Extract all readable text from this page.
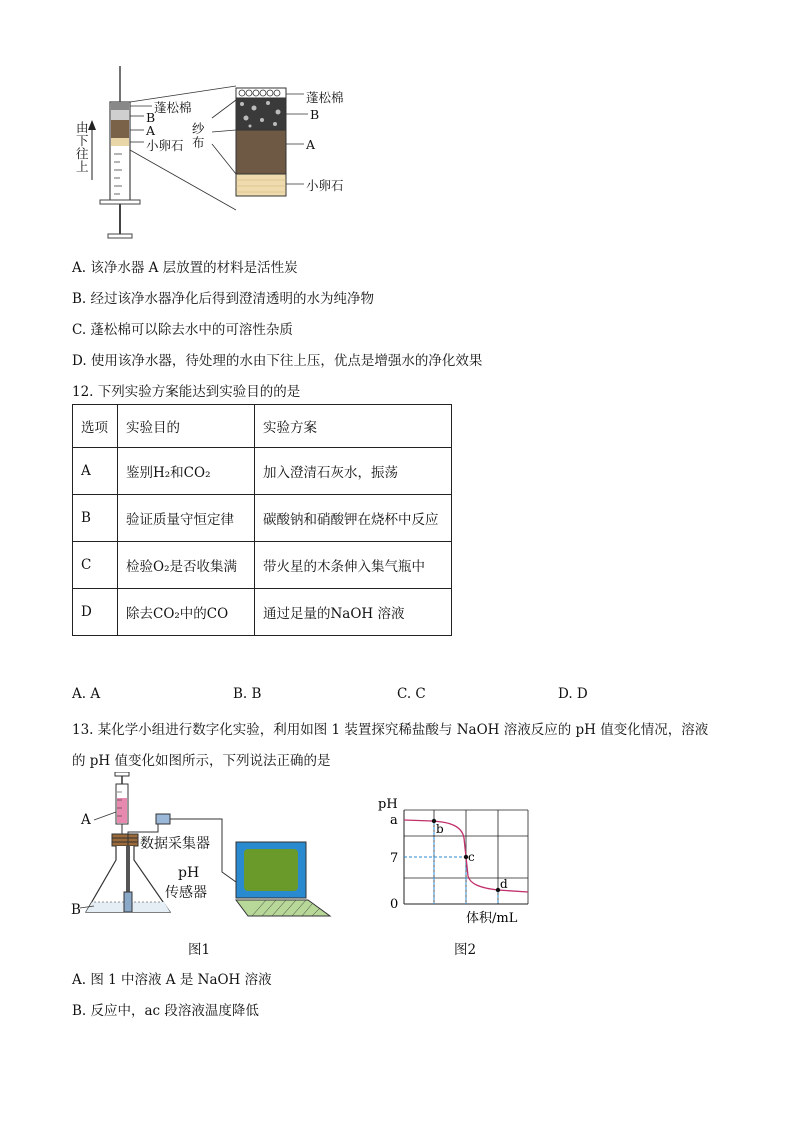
由下往上
蓬松棉
B
A
小卵石
纱布
蓬松棉
B
A
小卵石
A. 该净水器 A 层放置的材料是活性炭
B. 经过该净水器净化后得到澄清透明的水为纯净物
C. 蓬松棉可以除去水中的可溶性杂质
D. 使用该净水器，待处理的水由下往上压，优点是增强水的净化效果
12. 下列实验方案能达到实验目的的是
选项	实验目的	实验方案
A	鉴别H₂和CO₂	加入澄清石灰水，振荡
B	验证质量守恒定律	碳酸钠和硝酸钾在烧杯中反应
C	检验O₂是否收集满	带火星的木条伸入集气瓶中
D	除去CO₂中的CO	通过足量的NaOH 溶液
A. A	B. B	C. C	D. D
13. 某化学小组进行数字化实验，利用如图 1 装置探究稀盐酸与 NaOH 溶液反应的 pH 值变化情况，溶液
的 pH 值变化如图所示，下列说法正确的是
A
数据采集器
pH
传感器
B
图1
pH
a
7
0
b
c
d
体积/mL
图2
A. 图 1 中溶液 A 是 NaOH 溶液
B. 反应中，ac 段溶液温度降低
